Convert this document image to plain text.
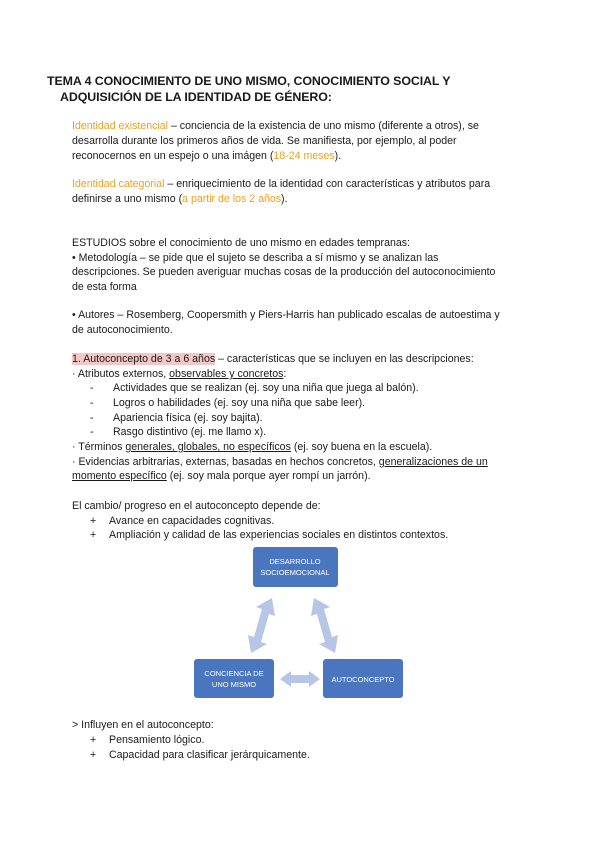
TEMA 4 CONOCIMIENTO DE UNO MISMO, CONOCIMIENTO SOCIAL Y
ADQUISICIÓN DE LA IDENTIDAD DE GÉNERO:
Identidad existencial – conciencia de la existencia de uno mismo (diferente a otros), se
desarrolla durante los primeros años de vida. Se manifiesta, por ejemplo, al poder
reconocernos en un espejo o una imágen (18-24 meses).
Identidad categorial – enriquecimiento de la identidad con características y atributos para
definirse a uno mismo (a partir de los 2 años).
ESTUDIOS sobre el conocimiento de uno mismo en edades tempranas:
• Metodología – se pide que el sujeto se describa a sí mismo y se analizan las
descripciones. Se pueden averiguar muchas cosas de la producción del autoconocimiento
de esta forma
• Autores – Rosemberg, Coopersmith y Piers-Harris han publicado escalas de autoestima y
de autoconocimiento.
1. Autoconcepto de 3 a 6 años – características que se incluyen en las descripciones:
· Atributos externos, observables y concretos:
- Actividades que se realizan (ej. soy una niña que juega al balón).
- Logros o habilidades (ej. soy una niña que sabe leer).
- Apariencia física (ej. soy bajita).
- Rasgo distintivo (ej. me llamo x).
· Términos generales, globales, no específicos (ej. soy buena en la escuela).
· Evidencias arbitrarias, externas, basadas en hechos concretos, generalizaciones de un
momento específico (ej. soy mala porque ayer rompí un jarrón).
El cambio/ progreso en el autoconcepto depende de:
+ Avance en capacidades cognitivas.
+ Ampliación y calidad de las experiencias sociales en distintos contextos.
DESARROLLO
SOCIOEMOCIONAL
CONCIENCIA DE
UNO MISMO
AUTOCONCEPTO
> Influyen en el autoconcepto:
+ Pensamiento lógico.
+ Capacidad para clasificar jerárquicamente.
